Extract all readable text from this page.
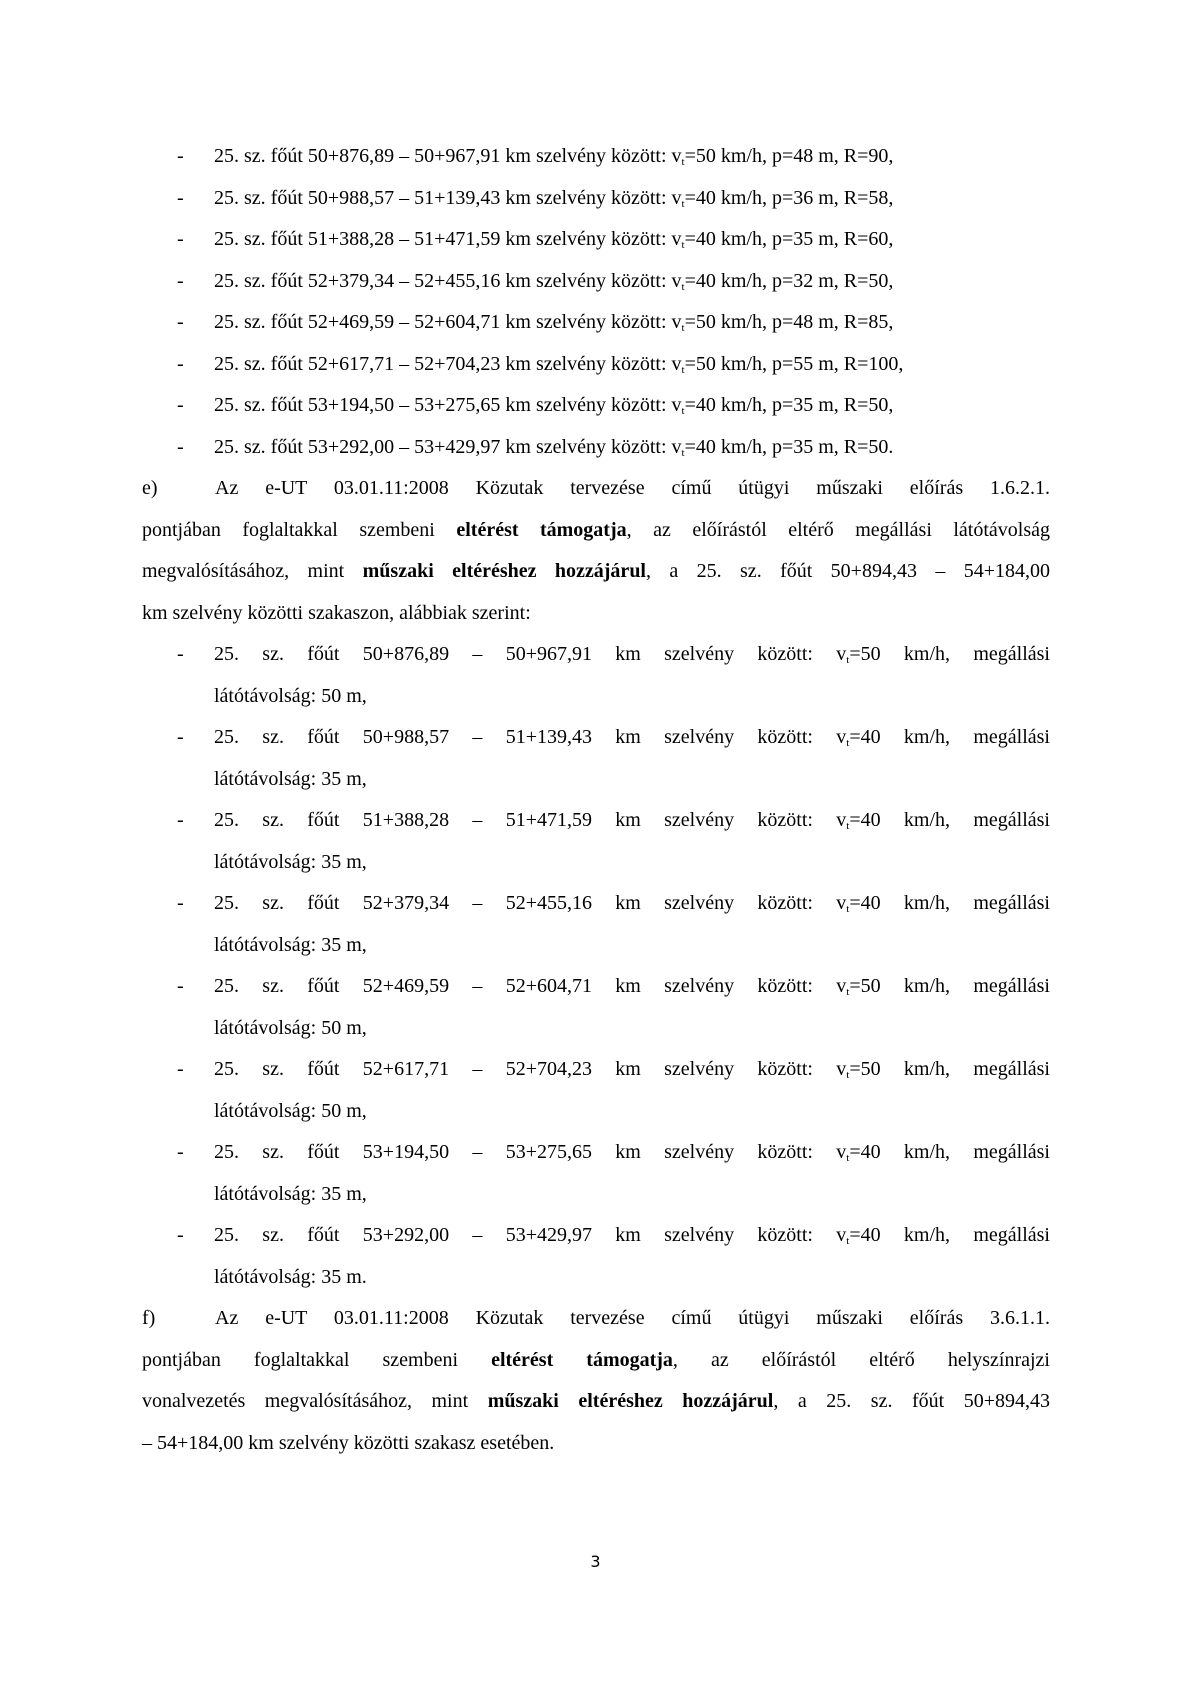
- 25. sz. főút 50+876,89 – 50+967,91 km szelvény között: $v_t=50$ km/h, p=48 m, R=90,
- 25. sz. főút 50+988,57 – 51+139,43 km szelvény között: $v_t=40$ km/h, p=36 m, R=58,
- 25. sz. főút 51+388,28 – 51+471,59 km szelvény között: $v_t=40$ km/h, p=35 m, R=60,
- 25. sz. főút 52+379,34 – 52+455,16 km szelvény között: $v_t=40$ km/h, p=32 m, R=50,
- 25. sz. főút 52+469,59 – 52+604,71 km szelvény között: $v_t=50$ km/h, p=48 m, R=85,
- 25. sz. főút 52+617,71 – 52+704,23 km szelvény között: $v_t=50$ km/h, p=55 m, R=100,
- 25. sz. főút 53+194,50 – 53+275,65 km szelvény között: $v_t=40$ km/h, p=35 m, R=50,
- 25. sz. főút 53+292,00 – 53+429,97 km szelvény között: $v_t=40$ km/h, p=35 m, R=50.
e)	Az e-UT 03.01.11:2008 Közutak tervezése című útügyi műszaki előírás 1.6.2.1.
pontjában foglaltakkal szembeni eltérést támogatja, az előírástól eltérő megállási látótávolság
megvalósításához, mint műszaki eltéréshez hozzájárul, a 25. sz. főút 50+894,43 – 54+184,00
km szelvény közötti szakaszon, alábbiak szerint:
- 25. sz. főút 50+876,89 – 50+967,91 km szelvény között: $v_t=50$ km/h, megállási
látótávolság: 50 m,
- 25. sz. főút 50+988,57 – 51+139,43 km szelvény között: $v_t=40$ km/h, megállási
látótávolság: 35 m,
- 25. sz. főút 51+388,28 – 51+471,59 km szelvény között: $v_t=40$ km/h, megállási
látótávolság: 35 m,
- 25. sz. főút 52+379,34 – 52+455,16 km szelvény között: $v_t=40$ km/h, megállási
látótávolság: 35 m,
- 25. sz. főút 52+469,59 – 52+604,71 km szelvény között: $v_t=50$ km/h, megállási
látótávolság: 50 m,
- 25. sz. főút 52+617,71 – 52+704,23 km szelvény között: $v_t=50$ km/h, megállási
látótávolság: 50 m,
- 25. sz. főút 53+194,50 – 53+275,65 km szelvény között: $v_t=40$ km/h, megállási
látótávolság: 35 m,
- 25. sz. főút 53+292,00 – 53+429,97 km szelvény között: $v_t=40$ km/h, megállási
látótávolság: 35 m.
f)	Az e-UT 03.01.11:2008 Közutak tervezése című útügyi műszaki előírás 3.6.1.1.
pontjában foglaltakkal szembeni eltérést támogatja, az előírástól eltérő helyszínrajzi
vonalvezetés megvalósításához, mint műszaki eltéréshez hozzájárul, a 25. sz. főút 50+894,43
– 54+184,00 km szelvény közötti szakasz esetében.
3
